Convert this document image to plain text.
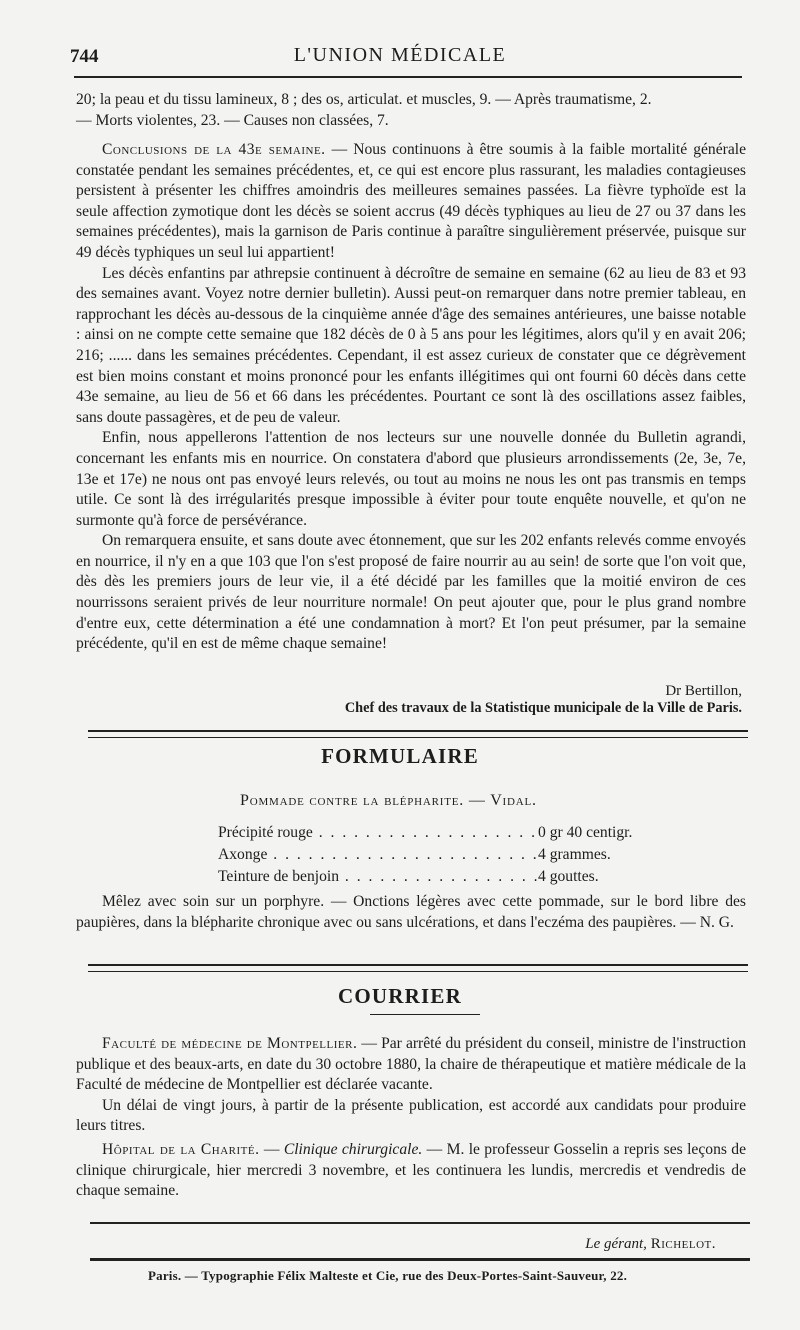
744	L'UNION MÉDICALE

20; la peau et du tissu lamineux, 8 ; des os, articulat. et muscles, 9. — Après traumatisme, 2.

— Morts violentes, 23. — Causes non classées, 7.

Conclusions de la 43e semaine. — Nous continuons à être soumis à la faible mortalité générale constatée pendant les semaines précédentes, et, ce qui est encore plus rassurant, les maladies contagieuses persistent à présenter les chiffres amoindris des meilleures semaines passées. La fièvre typhoïde est la seule affection zymotique dont les décès se soient accrus (49 décès typhiques au lieu de 27 ou 37 dans les semaines précédentes), mais la garnison de Paris continue à paraître singulièrement préservée, puisque sur 49 décès typhiques un seul lui appartient!

Les décès enfantins par athrepsie continuent à décroître de semaine en semaine (62 au lieu de 83 et 93 des semaines avant. Voyez notre dernier bulletin). Aussi peut-on remarquer dans notre premier tableau, en rapprochant les décès au-dessous de la cinquième année d'âge des semaines antérieures, une baisse notable : ainsi on ne compte cette semaine que 182 décès de 0 à 5 ans pour les légitimes, alors qu'il y en avait 206; 216; ...... dans les semaines précédentes. Cependant, il est assez curieux de constater que ce dégrèvement est bien moins constant et moins prononcé pour les enfants illégitimes qui ont fourni 60 décès dans cette 43e semaine, au lieu de 56 et 66 dans les précédentes. Pourtant ce sont là des oscillations assez faibles, sans doute passagères, et de peu de valeur.

Enfin, nous appellerons l'attention de nos lecteurs sur une nouvelle donnée du Bulletin agrandi, concernant les enfants mis en nourrice. On constatera d'abord que plusieurs arrondissements (2e, 3e, 7e, 13e et 17e) ne nous ont pas envoyé leurs relevés, ou tout au moins ne nous les ont pas transmis en temps utile. Ce sont là des irrégularités presque impossible à éviter pour toute enquête nouvelle, et qu'on ne surmonte qu'à force de persévérance.

On remarquera ensuite, et sans doute avec étonnement, que sur les 202 enfants relevés comme envoyés en nourrice, il n'y en a que 103 que l'on s'est proposé de faire nourrir au au sein! de sorte que l'on voit que, dès dès les premiers jours de leur vie, il a été décidé par les familles que la moitié environ de ces nourrissons seraient privés de leur nourriture normale! On peut ajouter que, pour le plus grand nombre d'entre eux, cette détermination a été une condamnation à mort? Et l'on peut présumer, par la semaine précédente, qu'il en est de même chaque semaine!

Dr Bertillon,
Chef des travaux de la Statistique municipale de la Ville de Paris.
FORMULAIRE
Pommade contre la blépharite. — Vidal.
Précipité rouge . . .	0 gr 40 centigr.
Axonge . . .	4 grammes.
Teinture de benjoin . . .	4 gouttes.

Mêlez avec soin sur un porphyre. — Onctions légères avec cette pommade, sur le bord libre des paupières, dans la blépharite chronique avec ou sans ulcérations, et dans l'eczéma des paupières. — N. G.

COURRIER

Faculté de médecine de Montpellier. — Par arrêté du président du conseil, ministre de l'instruction publique et des beaux-arts, en date du 30 octobre 1880, la chaire de thérapeutique et matière médicale de la Faculté de médecine de Montpellier est déclarée vacante.

Un délai de vingt jours, à partir de la présente publication, est accordé aux candidats pour produire leurs titres.

Hôpital de la Charité. — Clinique chirurgicale. — M. le professeur Gosselin a repris ses leçons de clinique chirurgicale, hier mercredi 3 novembre, et les continuera les lundis, mercredis et vendredis de chaque semaine.

Le gérant, Richelot.
Paris. — Typographie Félix Malteste et Cie, rue des Deux-Portes-Saint-Sauveur, 22.
